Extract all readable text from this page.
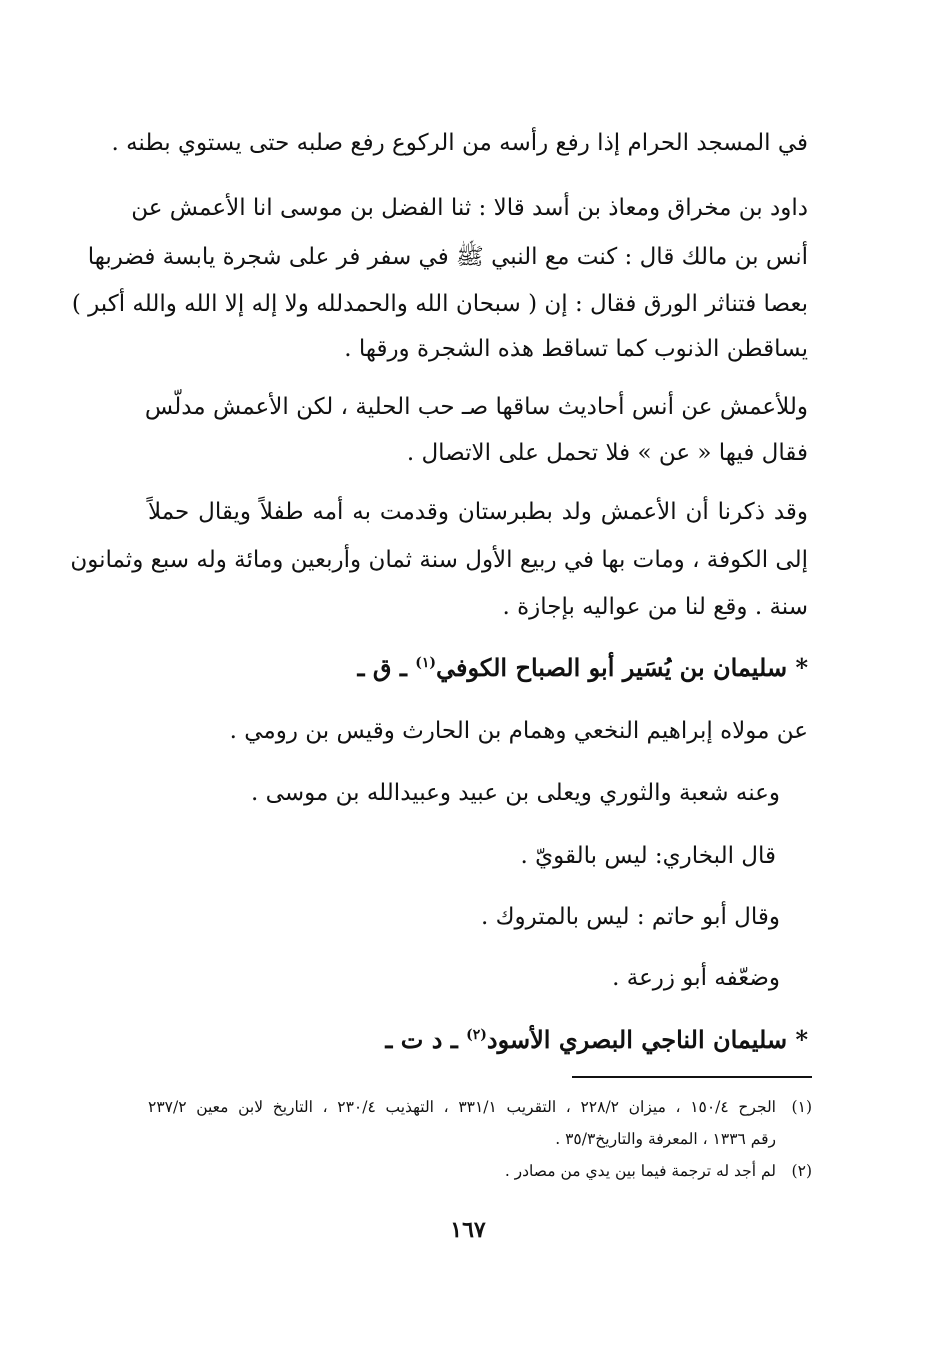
في المسجد الحرام إذا رفع رأسه من الركوع رفع صلبه حتى يستوي بطنه .
داود بن مخراق ومعاذ بن أسد قالا : ثنا الفضل بن موسى انا الأعمش عن
أنس بن مالك قال : كنت مع النبي ﷺ في سفر فر على شجرة يابسة فضربها
بعصا فتناثر الورق فقال : إن ( سبحان الله والحمدلله ولا إله إلا الله والله أكبر )
يساقطن الذنوب كما تساقط هذه الشجرة ورقها .
وللأعمش عن أنس أحاديث ساقها صـ حب الحلية ، لكن الأعمش مدلّس
فقال فيها « عن » فلا تحمل على الاتصال .
وقد ذكرنا أن الأعمش ولد بطبرستان وقدمت به أمه طفلاً ويقال حملاً
إلى الكوفة ، ومات بها في ربيع الأول سنة ثمان وأربعين ومائة وله سبع وثمانون
سنة . وقع لنا من عواليه بإجازة .
* سليمان بن يُسَير أبو الصباح الكوفي$^{(١)}$ ـ ق ـ
عن مولاه إبراهيم النخعي وهمام بن الحارث وقيس بن رومي .
وعنه شعبة والثوري ويعلى بن عبيد وعبيدالله بن موسى .
قال البخاري: ليس بالقويّ .
وقال أبو حاتم : ليس بالمتروك .
وضعّفه أبو زرعة .
* سليمان الناجي البصري الأسود$^{(٢)}$ ـ د ت ـ
(١)الجرح ١٥٠/٤ ، ميزان ٢٢٨/٢ ، التقريب ٣٣١/١ ، التهذيب ٢٣٠/٤ ، التاريخ لابن معين ٢٣٧/٢
رقم ١٣٣٦ ، المعرفة والتاريخ٣٥/٣ .
(٢)لم أجد له ترجمة فيما بين يدي من مصادر .
١٦٧
